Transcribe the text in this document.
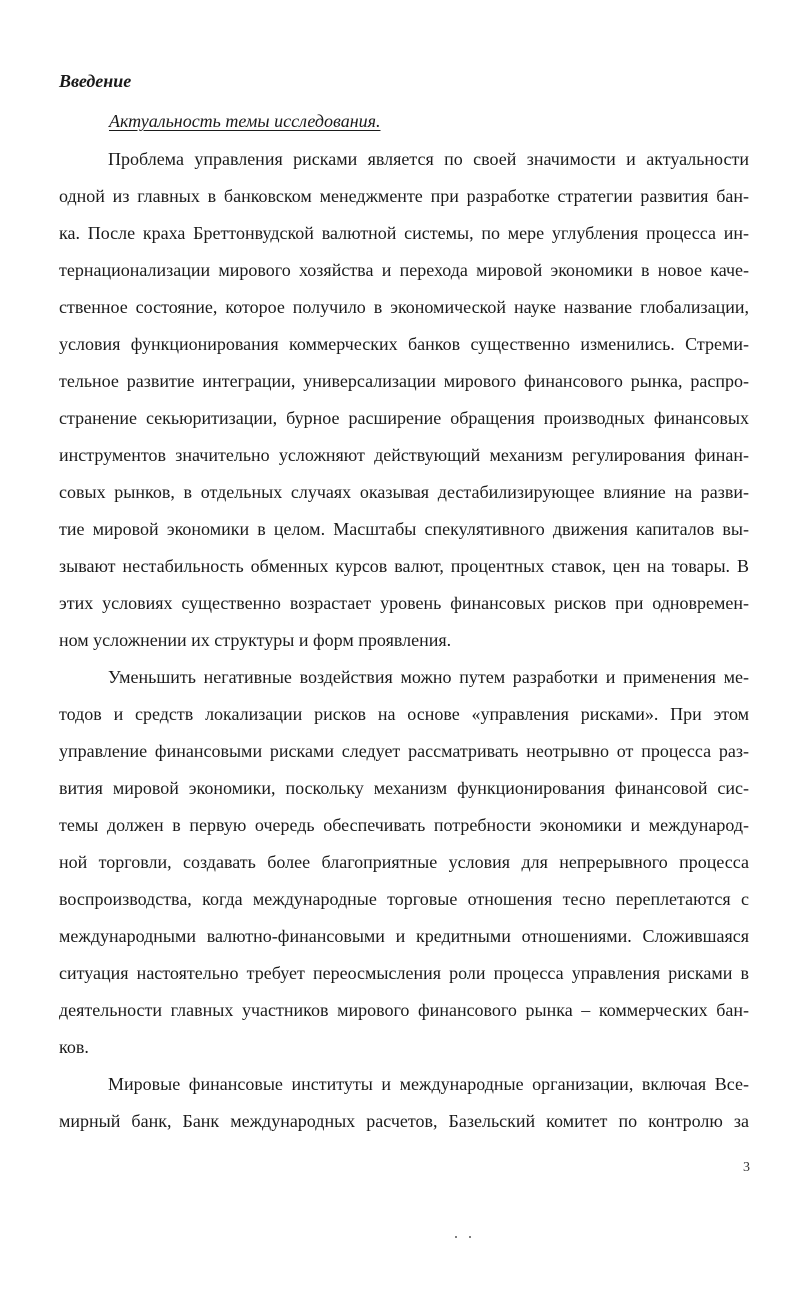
Введение

Актуальность темы исследования.

Проблема управления рисками является по своей значимости и актуальности

одной из главных в банковском менеджменте при разработке стратегии развития бан-

ка. После краха Бреттонвудской валютной системы, по мере углубления процесса ин-

тернационализации мирового хозяйства и перехода мировой экономики в новое каче-

ственное состояние, которое получило в экономической науке название глобализации,

условия функционирования коммерческих банков существенно изменились. Стреми-

тельное развитие интеграции, универсализации мирового финансового рынка, распро-

странение секьюритизации, бурное расширение обращения производных финансовых

инструментов значительно усложняют действующий механизм регулирования финан-

совых рынков, в отдельных случаях оказывая дестабилизирующее влияние на разви-

тие мировой экономики в целом. Масштабы спекулятивного движения капиталов вы-

зывают нестабильность обменных курсов валют, процентных ставок, цен на товары. В

этих условиях существенно возрастает уровень финансовых рисков при одновремен-

ном усложнении их структуры и форм проявления.

Уменьшить негативные воздействия можно путем разработки и применения ме-

тодов и средств локализации рисков на основе «управления рисками». При этом

управление финансовыми рисками следует рассматривать неотрывно от процесса раз-

вития мировой экономики, поскольку механизм функционирования финансовой сис-

темы должен в первую очередь обеспечивать потребности экономики и международ-

ной торговли, создавать более благоприятные условия для непрерывного процесса

воспроизводства, когда международные торговые отношения тесно переплетаются с

международными валютно-финансовыми и кредитными отношениями. Сложившаяся

ситуация настоятельно требует переосмысления роли процесса управления рисками в

деятельности главных участников мирового финансового рынка – коммерческих бан-

ков.

Мировые финансовые институты и международные организации, включая Все-

мирный банк, Банк международных расчетов, Базельский комитет по контролю за

3
